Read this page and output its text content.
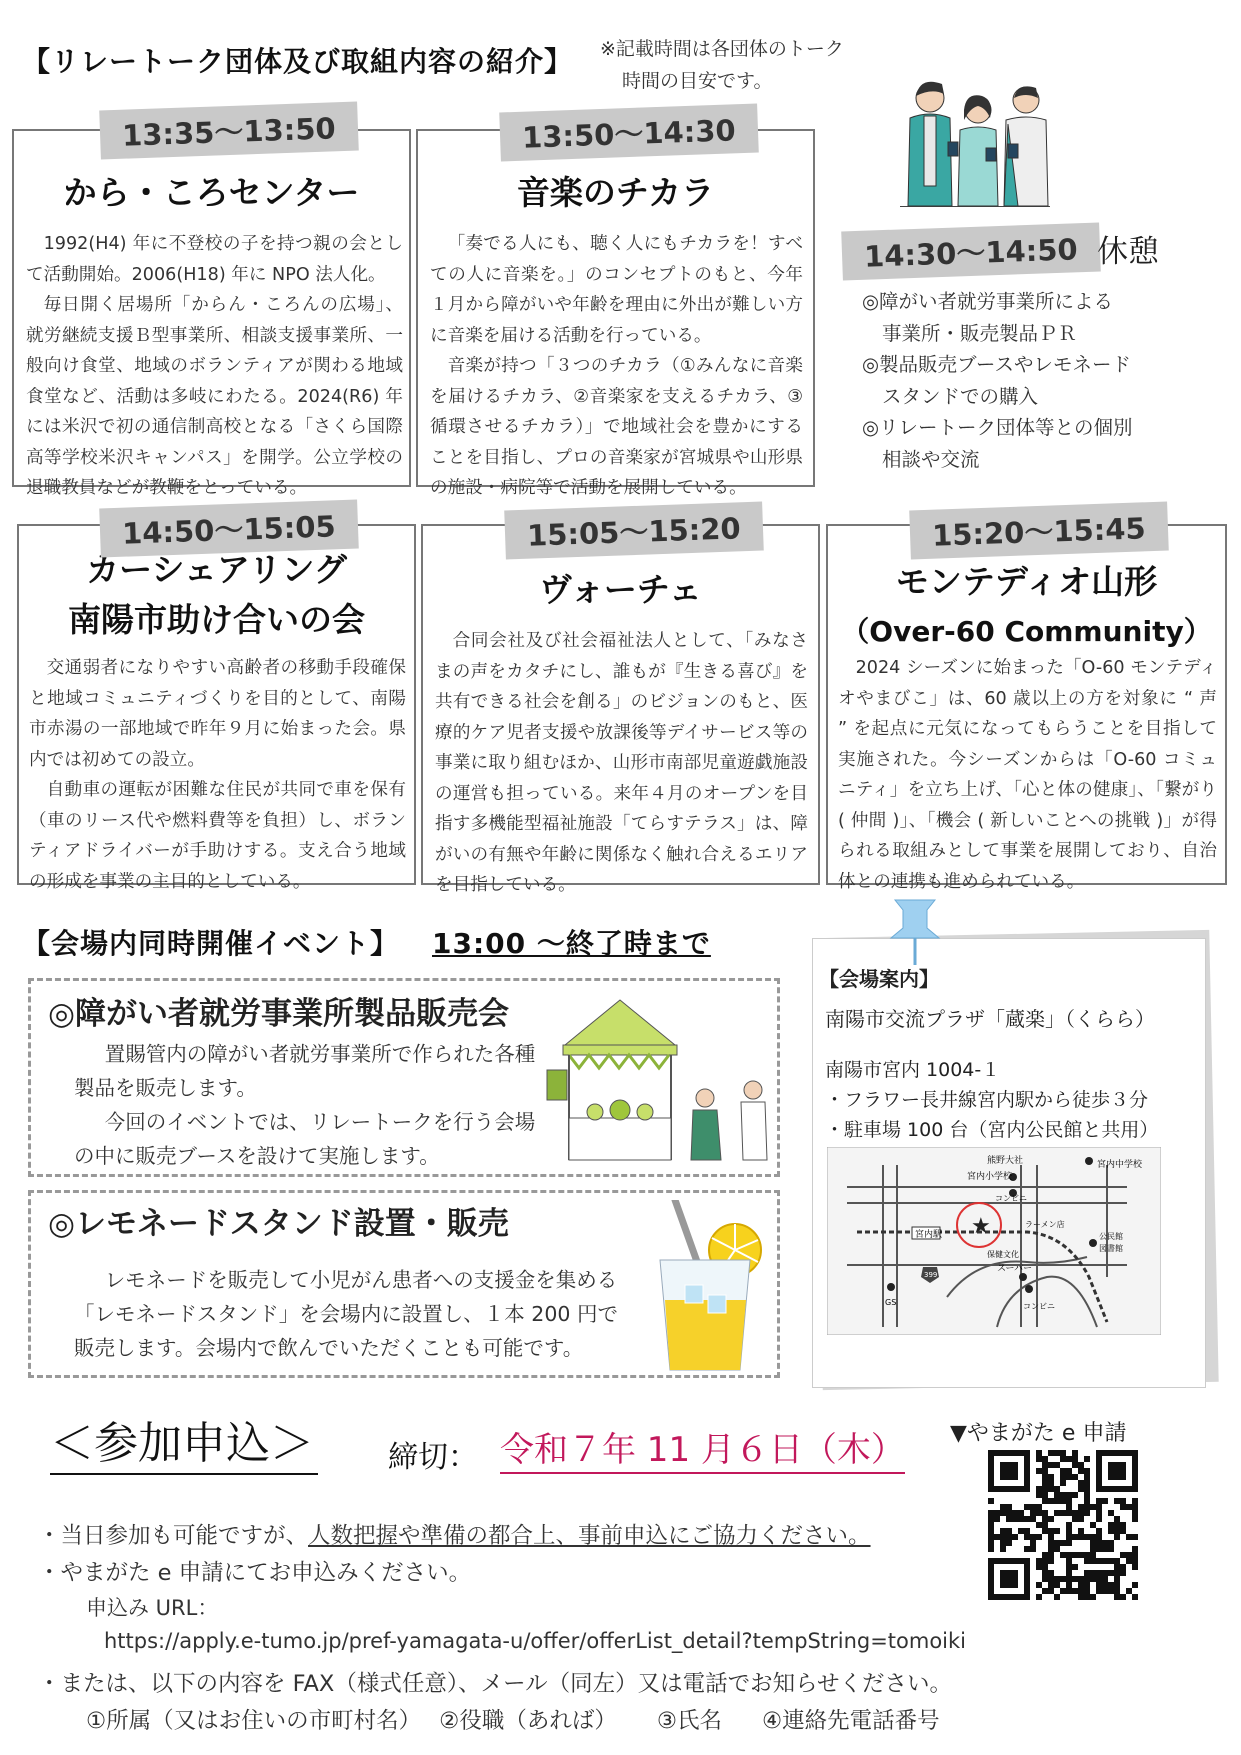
【リレートーク団体及び取組内容の紹介】 ※記載時間は各団体のトーク
時間の目安です。
から・ころセンター

1992(H4) 年に不登校の子を持つ親の会として活動開始。2006(H18) 年に NPO 法人化。

毎日開く居場所「からん・ころんの広場」、就労継続支援Ｂ型事業所、相談支援事業所、一般向け食堂、地域のボランティアが関わる地域食堂など、活動は多岐にわたる。2024(R6) 年には米沢で初の通信制高校となる「さくら国際高等学校米沢キャンパス」を開学。公立学校の退職教員などが教鞭をとっている。

13:35〜13:50
音楽のチカラ

「奏でる人にも、聴く人にもチカラを！すべての人に音楽を。」のコンセプトのもと、今年１月から障がいや年齢を理由に外出が難しい方に音楽を届ける活動を行っている。

音楽が持つ「３つのチカラ（①みんなに音楽を届けるチカラ、②音楽家を支えるチカラ、③循環させるチカラ）」で地域社会を豊かにすることを目指し、プロの音楽家が宮城県や山形県の施設・病院等で活動を展開している。

13:50〜14:30
14:30〜14:50 休憩
◎障がい者就労事業所による
事業所・販売製品ＰＲ
◎製品販売ブースやレモネード
スタンドでの購入
◎リレートーク団体等との個別
相談や交流
カーシェアリング
南陽市助け合いの会

交通弱者になりやすい高齢者の移動手段確保と地域コミュニティづくりを目的として、南陽市赤湯の一部地域で昨年９月に始まった会。県内では初めての設立。

自動車の運転が困難な住民が共同で車を保有（車のリース代や燃料費等を負担）し、ボランティアドライバーが手助けする。支え合う地域の形成を事業の主目的としている。

14:50〜15:05
ヴォーチェ

合同会社及び社会福祉法人として、「みなさまの声をカタチにし、誰もが『生きる喜び』を共有できる社会を創る」のビジョンのもと、医療的ケア児者支援や放課後等デイサービス等の事業に取り組むほか、山形市南部児童遊戯施設の運営も担っている。来年４月のオープンを目指す多機能型福祉施設「てらすテラス」は、障がいの有無や年齢に関係なく触れ合えるエリアを目指している。

15:05〜15:20
モンテディオ山形
（Over-60 Community）

2024 シーズンに始まった「O-60 モンテディオやまびこ」は、60 歳以上の方を対象に “ 声 ” を起点に元気になってもらうことを目指して実施された。今シーズンからは「O-60 コミュニティ」を立ち上げ、「心と体の健康」、「繋がり ( 仲間 )」、「機会 ( 新しいことへの挑戦 )」が得られる取組みとして事業を展開しており、自治体との連携も進められている。

15:20〜15:45
【会場内同時開催イベント】 13:00 〜終了時まで
◎障がい者就労事業所製品販売会

置賜管内の障がい者就労事業所で作られた各種製品を販売します。

今回のイベントでは、リレートークを行う会場の中に販売ブースを設けて実施します。

◎レモネードスタンド設置・販売

レモネードを販売して小児がん患者への支援金を集める「レモネードスタンド」を会場内に設置し、１本 200 円で販売します。会場内で飲んでいただくことも可能です。

【会場案内】
南陽市交流プラザ「蔵楽」（くらら）
南陽市宮内 1004-１
・フラワー長井線宮内駅から徒歩３分
・駐車場 100 台（宮内公民館と共用）
宮内駅 ★
熊野大社
宮内小学校
宮内中学校
コンビニ
ラーメン店
公民館
図書館
保健文化
スーパー
399
GS	コンビニ
＜参加申込＞ 締切： 令和７年 11 月６日（木） ▼やまがた e 申請
・当日参加も可能ですが、人数把握や準備の都合上、事前申込にご協力ください。
・やまがた e 申請にてお申込みください。
申込み URL：
https://apply.e-tumo.jp/pref-yamagata-u/offer/offerList_detail?tempString=tomoiki
・または、以下の内容を FAX（様式任意）、メール（同左）又は電話でお知らせください。
①所属（又はお住いの市町村名） ②役職（あれば） ③氏名 ④連絡先電話番号
